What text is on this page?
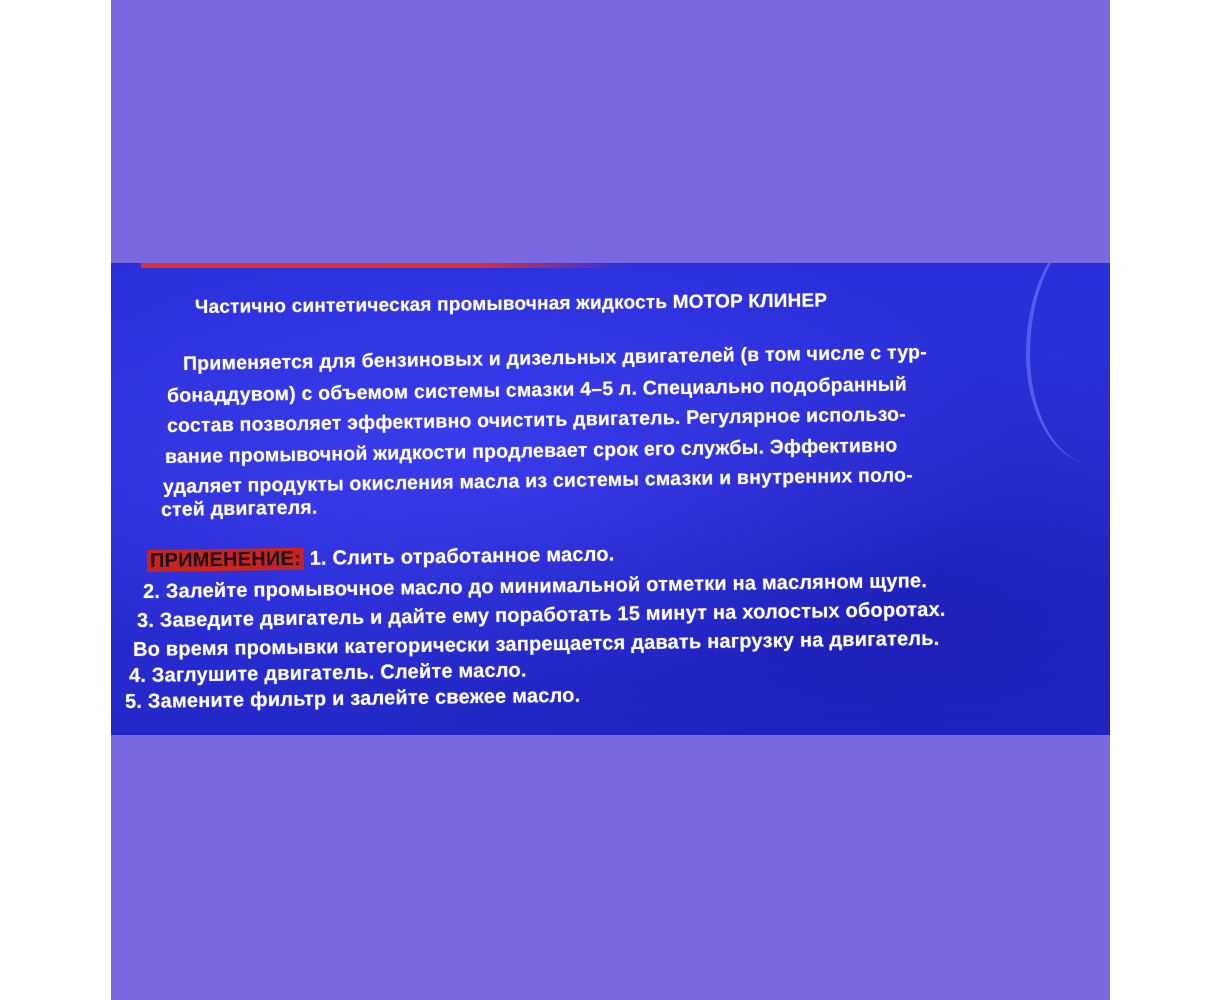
Частично синтетическая промывочная жидкость МОТОР КЛИНЕР
Применяется для бензиновых и дизельных двигателей (в том числе с тур-
бонаддувом) с объемом системы смазки 4–5 л. Специально подобранный
состав позволяет эффективно очистить двигатель. Регулярное использо-
вание промывочной жидкости продлевает срок его службы. Эффективно
удаляет продукты окисления масла из системы смазки и внутренних поло-
стей двигателя.
ПРИМЕНЕНИЕ: 1. Слить отработанное масло.
2. Залейте промывочное масло до минимальной отметки на масляном щупе.
3. Заведите двигатель и дайте ему поработать 15 минут на холостых оборотах.
Во время промывки категорически запрещается давать нагрузку на двигатель.
4. Заглушите двигатель. Слейте масло.
5. Замените фильтр и залейте свежее масло.
